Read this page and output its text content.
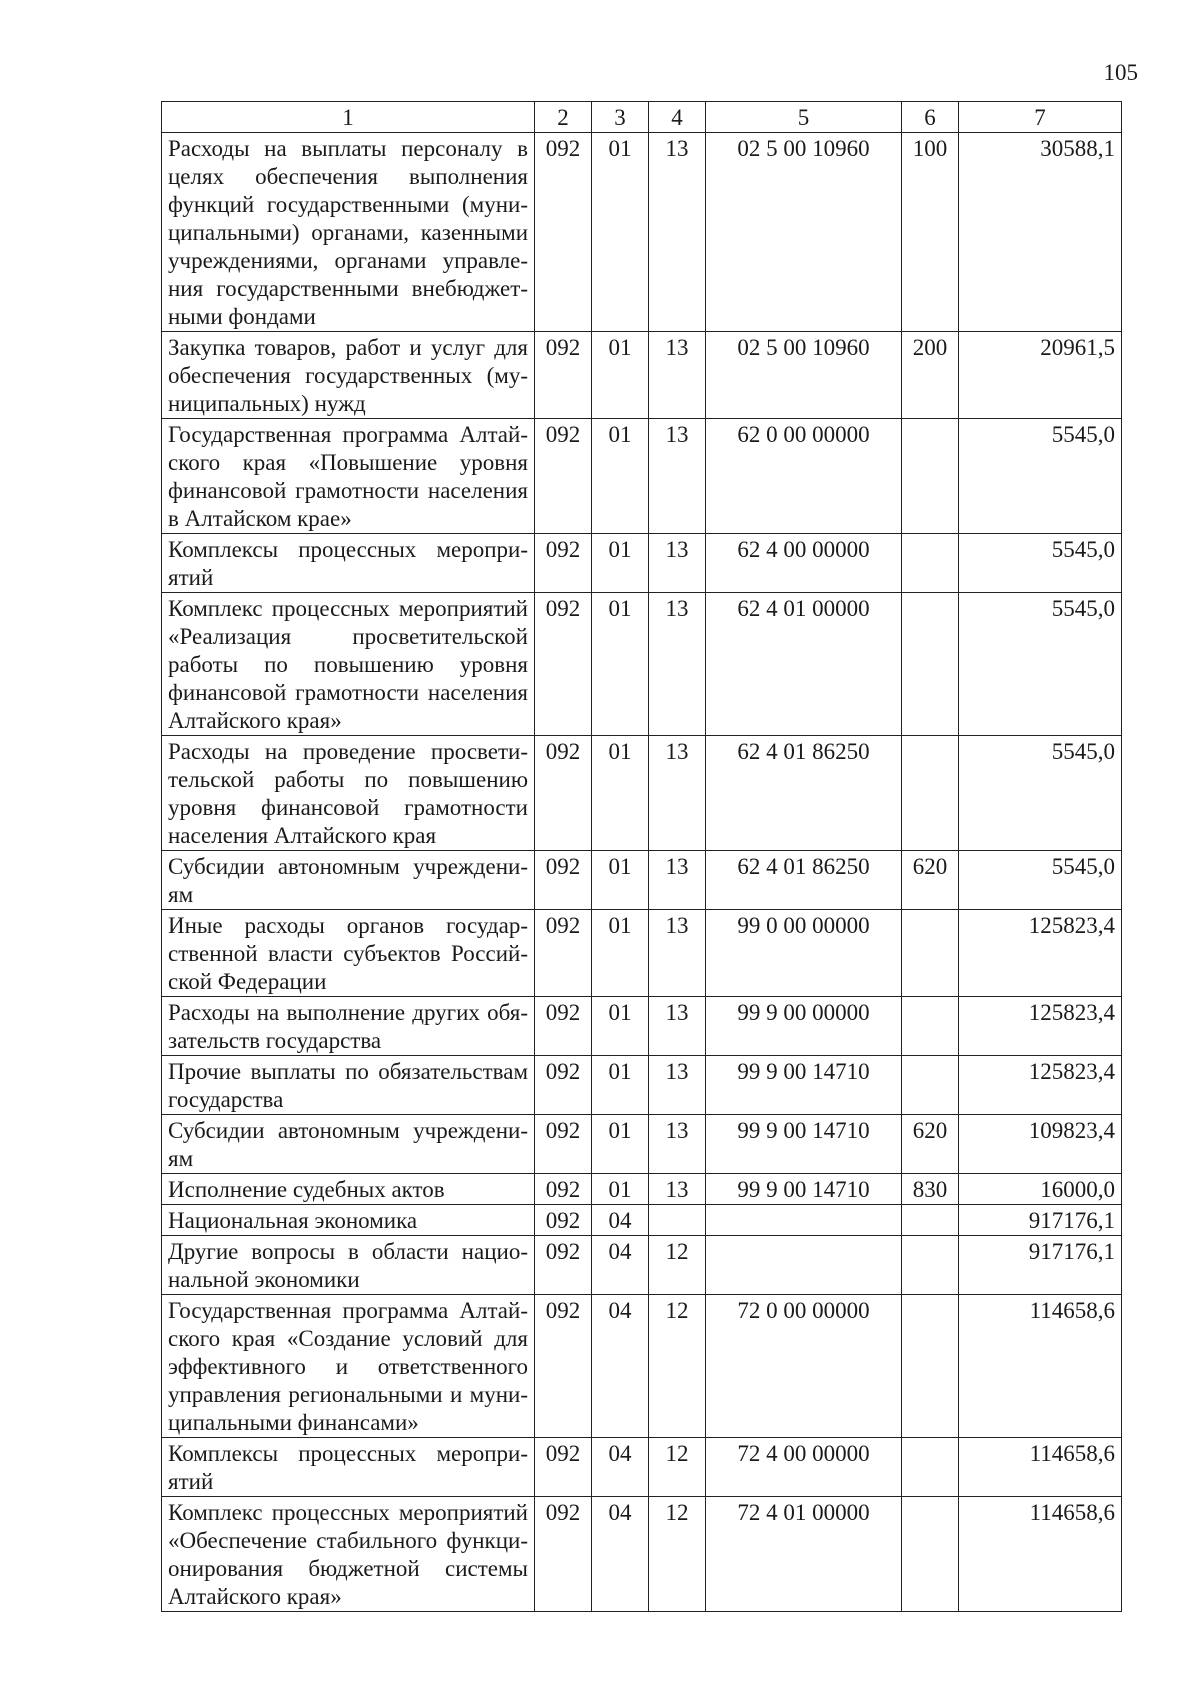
105
1	2	3	4	5	6	7
Расходы на выплаты персоналу в целях обеспечения выполнения функций государственными (муниципальными) органами, казенными учреждениями, органами управления государственными внебюджетными фондами	092	01	13	02 5 00 10960	100	30588,1
Закупка товаров, работ и услуг для обеспечения государственных (муниципальных) нужд	092	01	13	02 5 00 10960	200	20961,5
Государственная программа Алтайского края «Повышение уровня финансовой грамотности населения в Алтайском крае»	092	01	13	62 0 00 00000		5545,0
Комплексы процессных мероприятий	092	01	13	62 4 00 00000		5545,0
Комплекс процессных мероприятий «Реализация просветительской работы по повышению уровня финансовой грамотности населения Алтайского края»	092	01	13	62 4 01 00000		5545,0
Расходы на проведение просветительской работы по повышению уровня финансовой грамотности населения Алтайского края	092	01	13	62 4 01 86250		5545,0
Субсидии автономным учреждениям	092	01	13	62 4 01 86250	620	5545,0
Иные расходы органов государственной власти субъектов Российской Федерации	092	01	13	99 0 00 00000		125823,4
Расходы на выполнение других обязательств государства	092	01	13	99 9 00 00000		125823,4
Прочие выплаты по обязательствам государства	092	01	13	99 9 00 14710		125823,4
Субсидии автономным учреждениям	092	01	13	99 9 00 14710	620	109823,4
Исполнение судебных актов	092	01	13	99 9 00 14710	830	16000,0
Национальная экономика	092	04				917176,1
Другие вопросы в области национальной экономики	092	04	12			917176,1
Государственная программа Алтайского края «Создание условий для эффективного и ответственного управления региональными и муниципальными финансами»	092	04	12	72 0 00 00000		114658,6
Комплексы процессных мероприятий	092	04	12	72 4 00 00000		114658,6
Комплекс процессных мероприятий «Обеспечение стабильного функционирования бюджетной системы Алтайского края»	092	04	12	72 4 01 00000		114658,6
